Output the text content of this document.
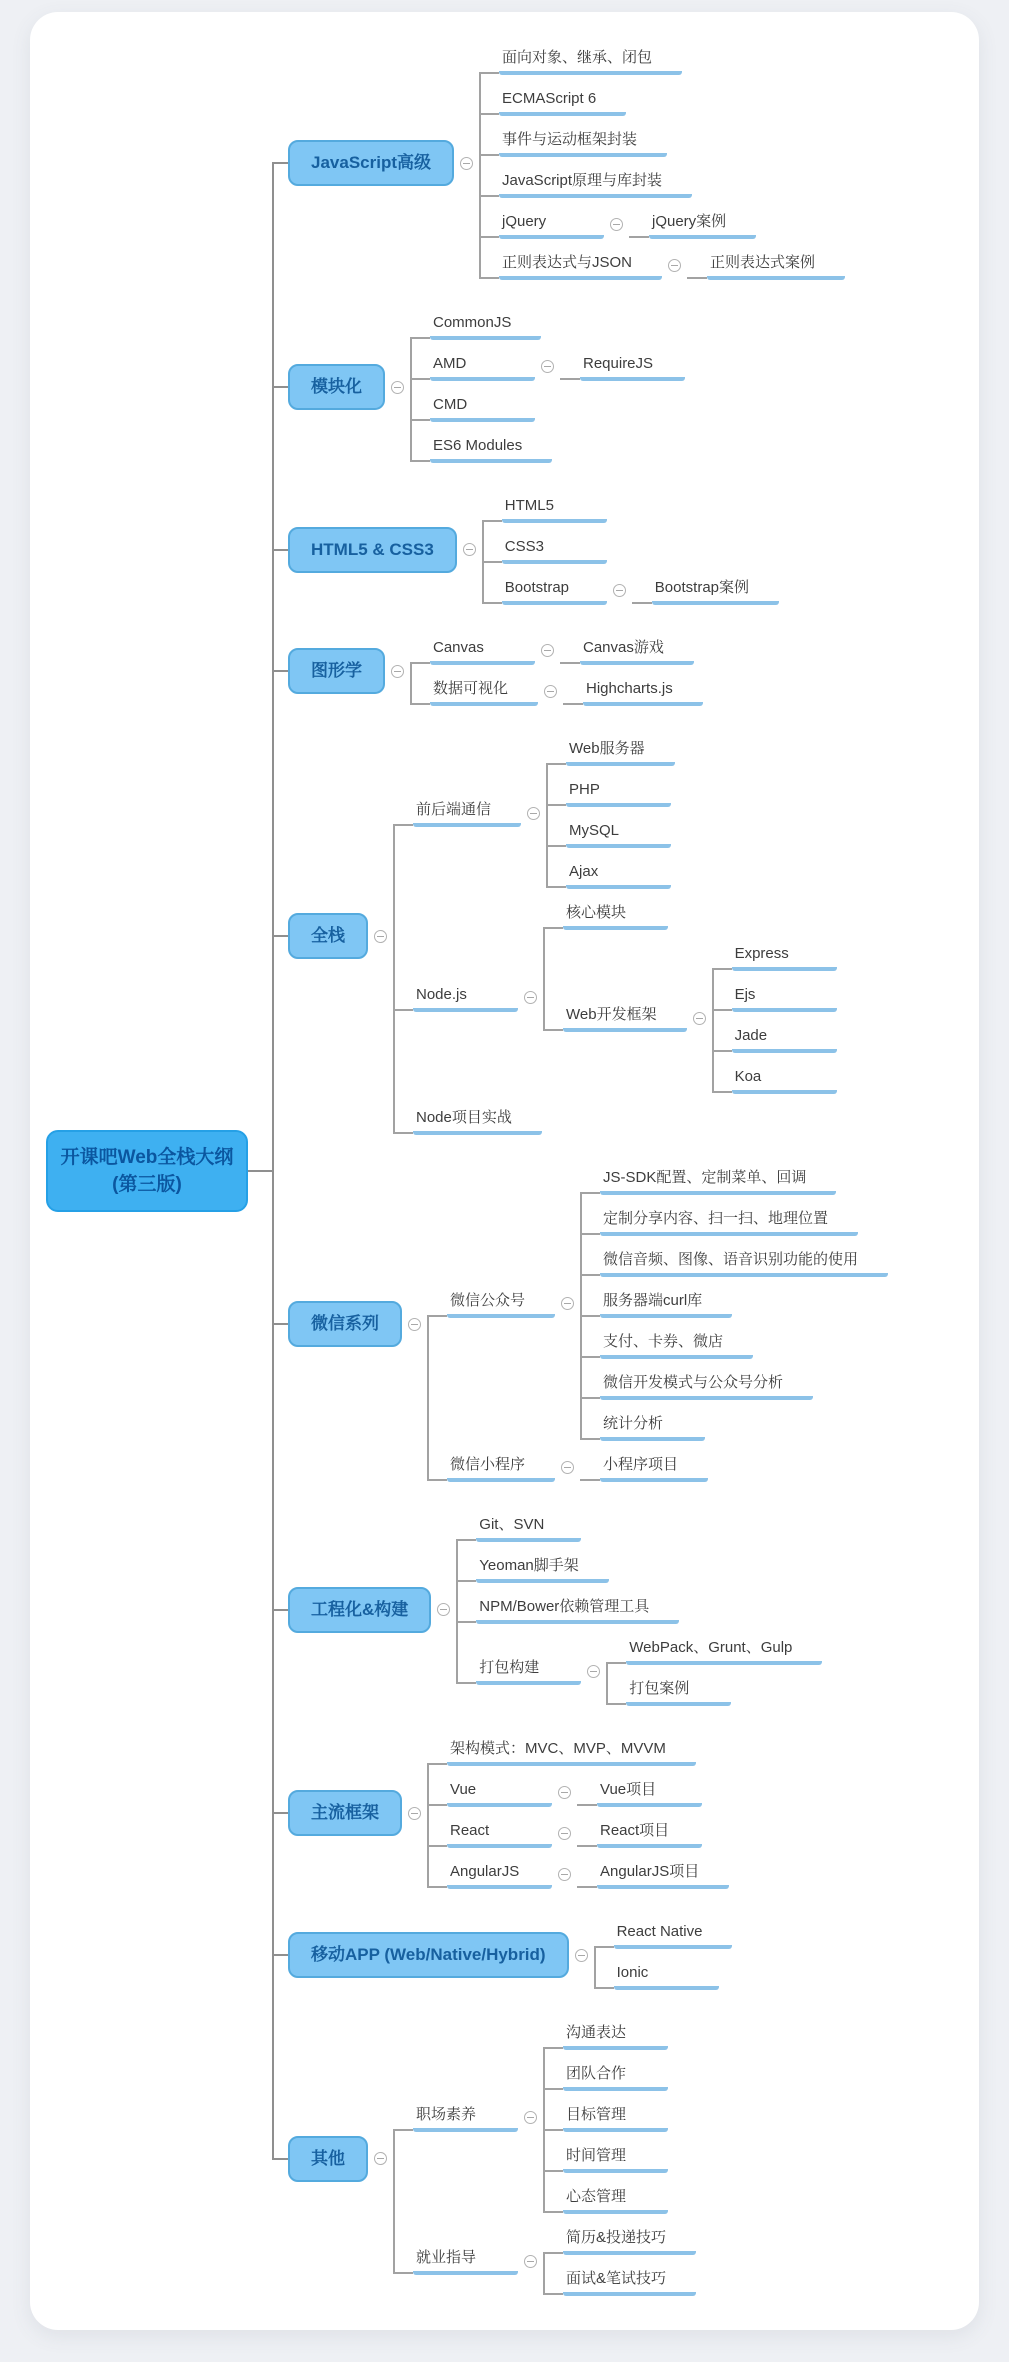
开课吧Web全栈大纲(第三版)
JavaScript高级
面向对象、继承、闭包
ECMAScript 6
事件与运动框架封装
JavaScript原理与库封装
jQuery	jQuery案例
正则表达式与JSON	正则表达式案例
模块化
CommonJS
AMD	RequireJS
CMD
ES6 Modules
HTML5 & CSS3
HTML5
CSS3
Bootstrap	Bootstrap案例
图形学
Canvas	Canvas游戏
数据可视化	Highcharts.js
全栈
前后端通信
Web服务器
PHP
MySQL
Ajax
Node.js
核心模块
Web开发框架
Express
Ejs
Jade
Koa
Node项目实战
微信系列
微信公众号
JS-SDK配置、定制菜单、回调
定制分享内容、扫一扫、地理位置
微信音频、图像、语音识别功能的使用
服务器端curl库
支付、卡券、微店
微信开发模式与公众号分析
统计分析
微信小程序	小程序项目
工程化&构建
Git、SVN
Yeoman脚手架
NPM/Bower依赖管理工具
打包构建
WebPack、Grunt、Gulp
打包案例
主流框架
架构模式：MVC、MVP、MVVM
Vue	Vue项目
React	React项目
AngularJS	AngularJS项目
移动APP (Web/Native/Hybrid)
React Native
Ionic
其他
职场素养
沟通表达
团队合作
目标管理
时间管理
心态管理
就业指导
简历&投递技巧
面试&笔试技巧
